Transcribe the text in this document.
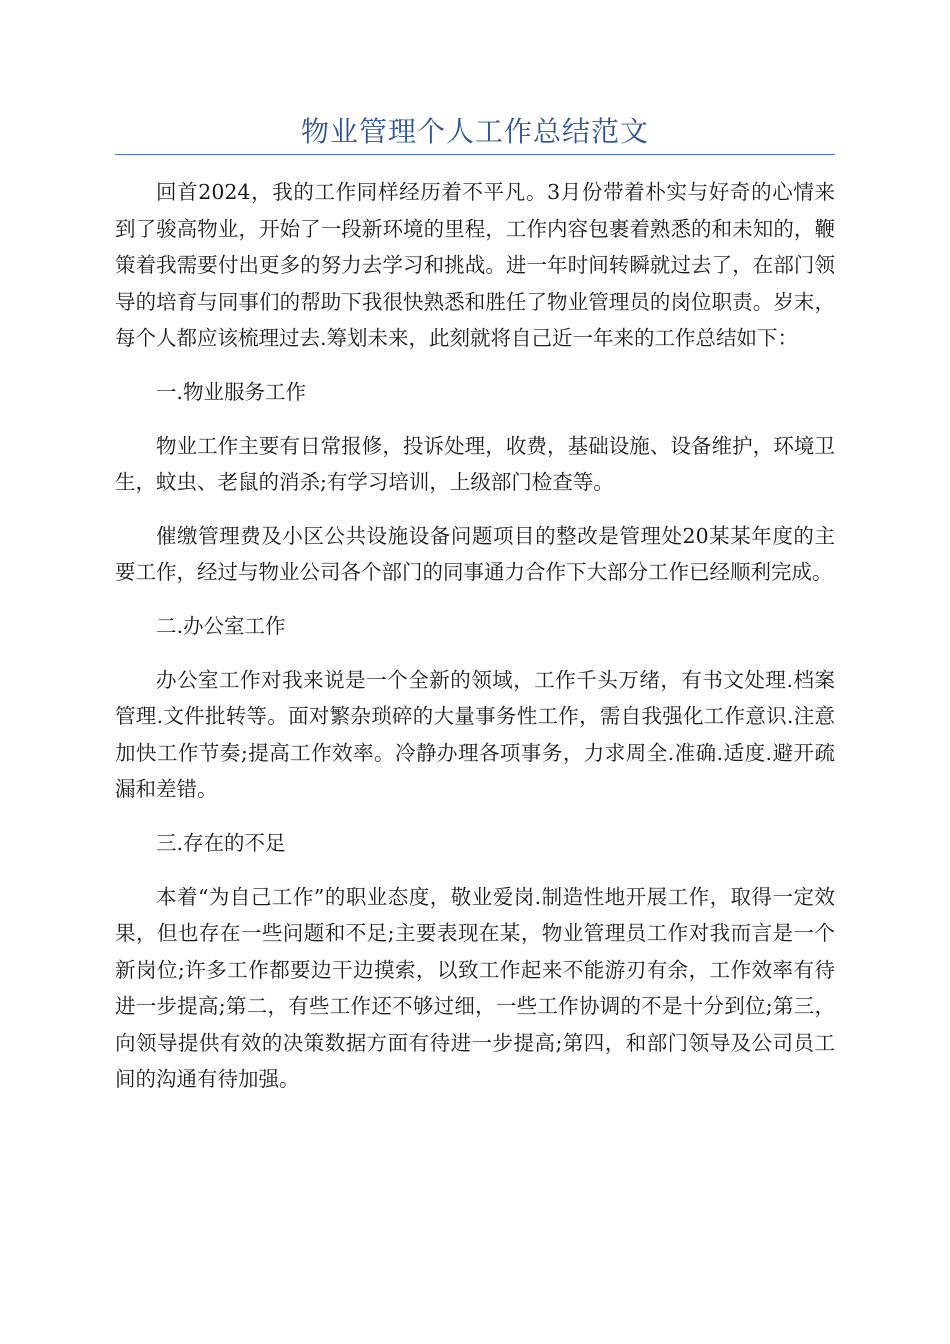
物业管理个人工作总结范文

回首2024，我的工作同样经历着不平凡。3月份带着朴实与好奇的心情来到了骏高物业，开始了一段新环境的里程，工作内容包裹着熟悉的和未知的，鞭策着我需要付出更多的努力去学习和挑战。进一年时间转瞬就过去了，在部门领导的培育与同事们的帮助下我很快熟悉和胜任了物业管理员的岗位职责。岁末，每个人都应该梳理过去.筹划未来，此刻就将自己近一年来的工作总结如下：

一.物业服务工作

物业工作主要有日常报修，投诉处理，收费，基础设施、设备维护，环境卫生，蚊虫、老鼠的消杀;有学习培训，上级部门检查等。

催缴管理费及小区公共设施设备问题项目的整改是管理处20某某年度的主要工作，经过与物业公司各个部门的同事通力合作下大部分工作已经顺利完成。

二.办公室工作

办公室工作对我来说是一个全新的领域，工作千头万绪，有书文处理.档案管理.文件批转等。面对繁杂琐碎的大量事务性工作，需自我强化工作意识.注意加快工作节奏;提高工作效率。冷静办理各项事务，力求周全.准确.适度.避开疏漏和差错。

三.存在的不足

本着“为自己工作”的职业态度，敬业爱岗.制造性地开展工作，取得一定效果，但也存在一些问题和不足;主要表现在某，物业管理员工作对我而言是一个新岗位;许多工作都要边干边摸索，以致工作起来不能游刃有余，工作效率有待进一步提高;第二，有些工作还不够过细，一些工作协调的不是十分到位;第三，向领导提供有效的决策数据方面有待进一步提高;第四，和部门领导及公司员工间的沟通有待加强。
